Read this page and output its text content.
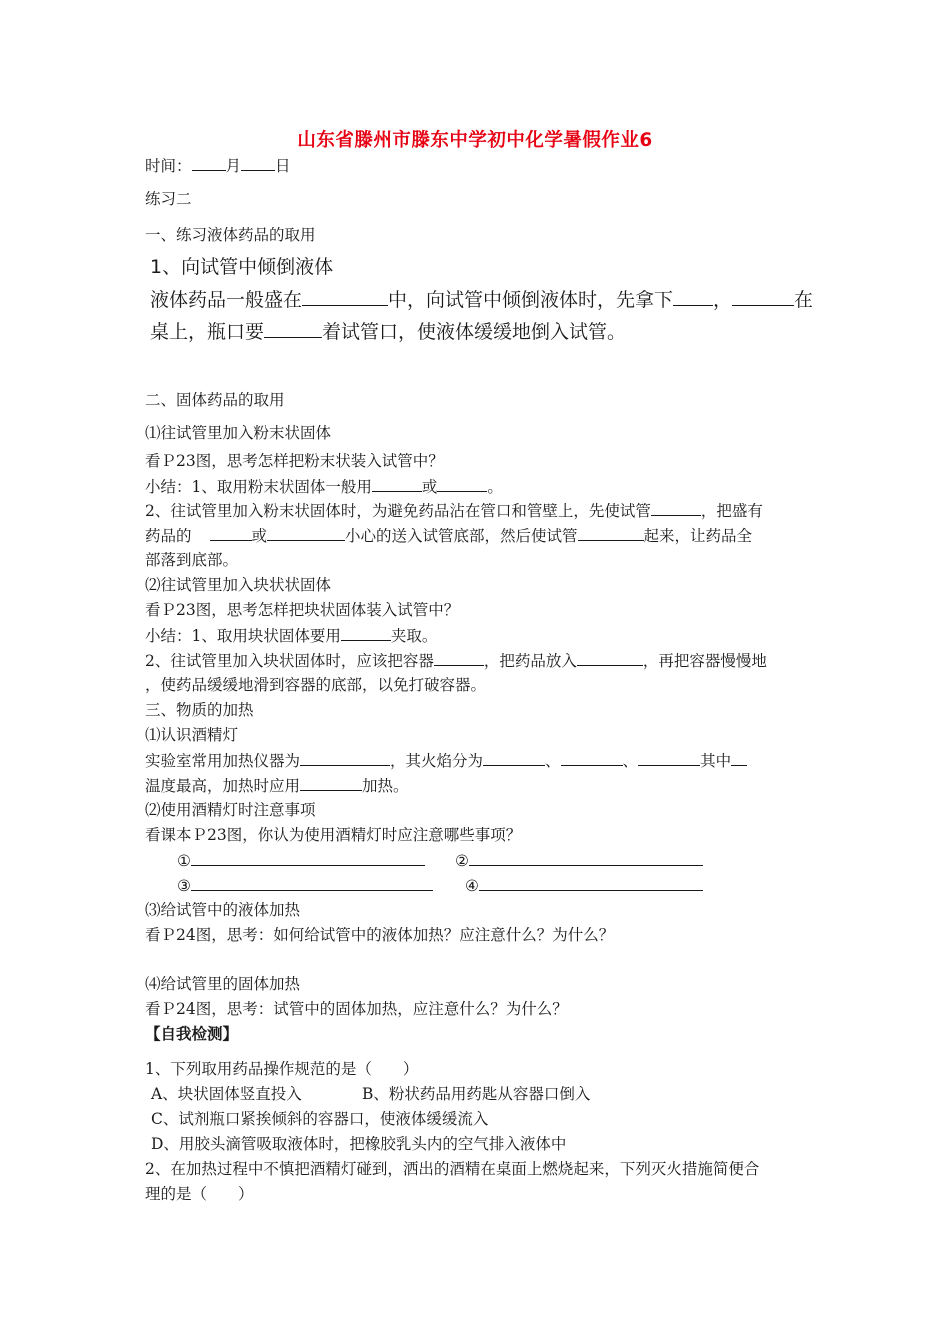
山东省滕州市滕东中学初中化学暑假作业6
时间： 月 日
练习二
一、练习液体药品的取用
1、向试管中倾倒液体
液体药品一般盛在	中，向试管中倾倒液体时，先拿下 ，	在
桌上，瓶口要	着试管口，使液体缓缓地倒入试管。
二、固体药品的取用
⑴往试管里加入粉末状固体
看Ｐ23图，思考怎样把粉末状装入试管中？
小结：1、取用粉末状固体一般用	或	。
2、往试管里加入粉末状固体时，为避免药品沾在管口和管壁上，先使试管	，把盛有
药品的	或	小心的送入试管底部，然后使试管	起来，让药品全
部落到底部。
⑵往试管里加入块状状固体
看Ｐ23图，思考怎样把块状固体装入试管中？
小结：1、取用块状固体要用	夹取。
2、往试管里加入块状固体时，应该把容器	，把药品放入	，再把容器慢慢地
，使药品缓缓地滑到容器的底部，以免打破容器。
三、物质的加热
⑴认识酒精灯
实验室常用加热仪器为	，其火焰分为	、	、	其中
温度最高，加热时应用	加热。
⑵使用酒精灯时注意事项
看课本Ｐ23图，你认为使用酒精灯时应注意哪些事项？
①	②
③	④
⑶给试管中的液体加热
看Ｐ24图，思考：如何给试管中的液体加热？应注意什么？为什么？
⑷给试管里的固体加热
看Ｐ24图，思考：试管中的固体加热，应注意什么？为什么？
【自我检测】
1、下列取用药品操作规范的是（　　）
A、块状固体竖直投入	B、粉状药品用药匙从容器口倒入
C、试剂瓶口紧挨倾斜的容器口，使液体缓缓流入
D、用胶头滴管吸取液体时，把橡胶乳头内的空气排入液体中
2、在加热过程中不慎把酒精灯碰到，洒出的酒精在桌面上燃烧起来，下列灭火措施简便合
理的是（　　）
